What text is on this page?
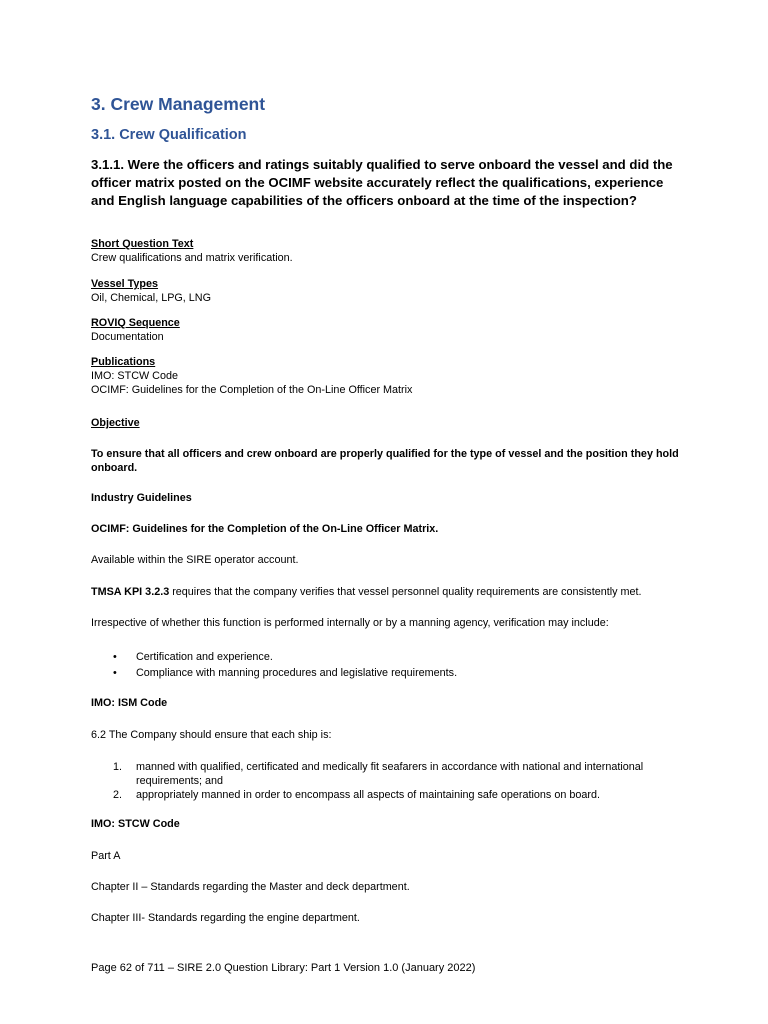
3. Crew Management
3.1. Crew Qualification
3.1.1. Were the officers and ratings suitably qualified to serve onboard the vessel and did the officer matrix posted on the OCIMF website accurately reflect the qualifications, experience and English language capabilities of the officers onboard at the time of the inspection?
Short Question Text
Crew qualifications and matrix verification.
Vessel Types
Oil, Chemical, LPG, LNG
ROVIQ Sequence
Documentation
Publications
IMO: STCW Code
OCIMF: Guidelines for the Completion of the On-Line Officer Matrix
Objective
To ensure that all officers and crew onboard are properly qualified for the type of vessel and the position they hold onboard.
Industry Guidelines
OCIMF: Guidelines for the Completion of the On-Line Officer Matrix.
Available within the SIRE operator account.
TMSA KPI 3.2.3 requires that the company verifies that vessel personnel quality requirements are consistently met.
Irrespective of whether this function is performed internally or by a manning agency, verification may include:
• Certification and experience.
• Compliance with manning procedures and legislative requirements.
IMO: ISM Code
6.2 The Company should ensure that each ship is:
1. manned with qualified, certificated and medically fit seafarers in accordance with national and international requirements; and
2. appropriately manned in order to encompass all aspects of maintaining safe operations on board.
IMO: STCW Code
Part A
Chapter II – Standards regarding the Master and deck department.
Chapter III- Standards regarding the engine department.
Page 62 of 711 – SIRE 2.0 Question Library: Part 1 Version 1.0 (January 2022)
